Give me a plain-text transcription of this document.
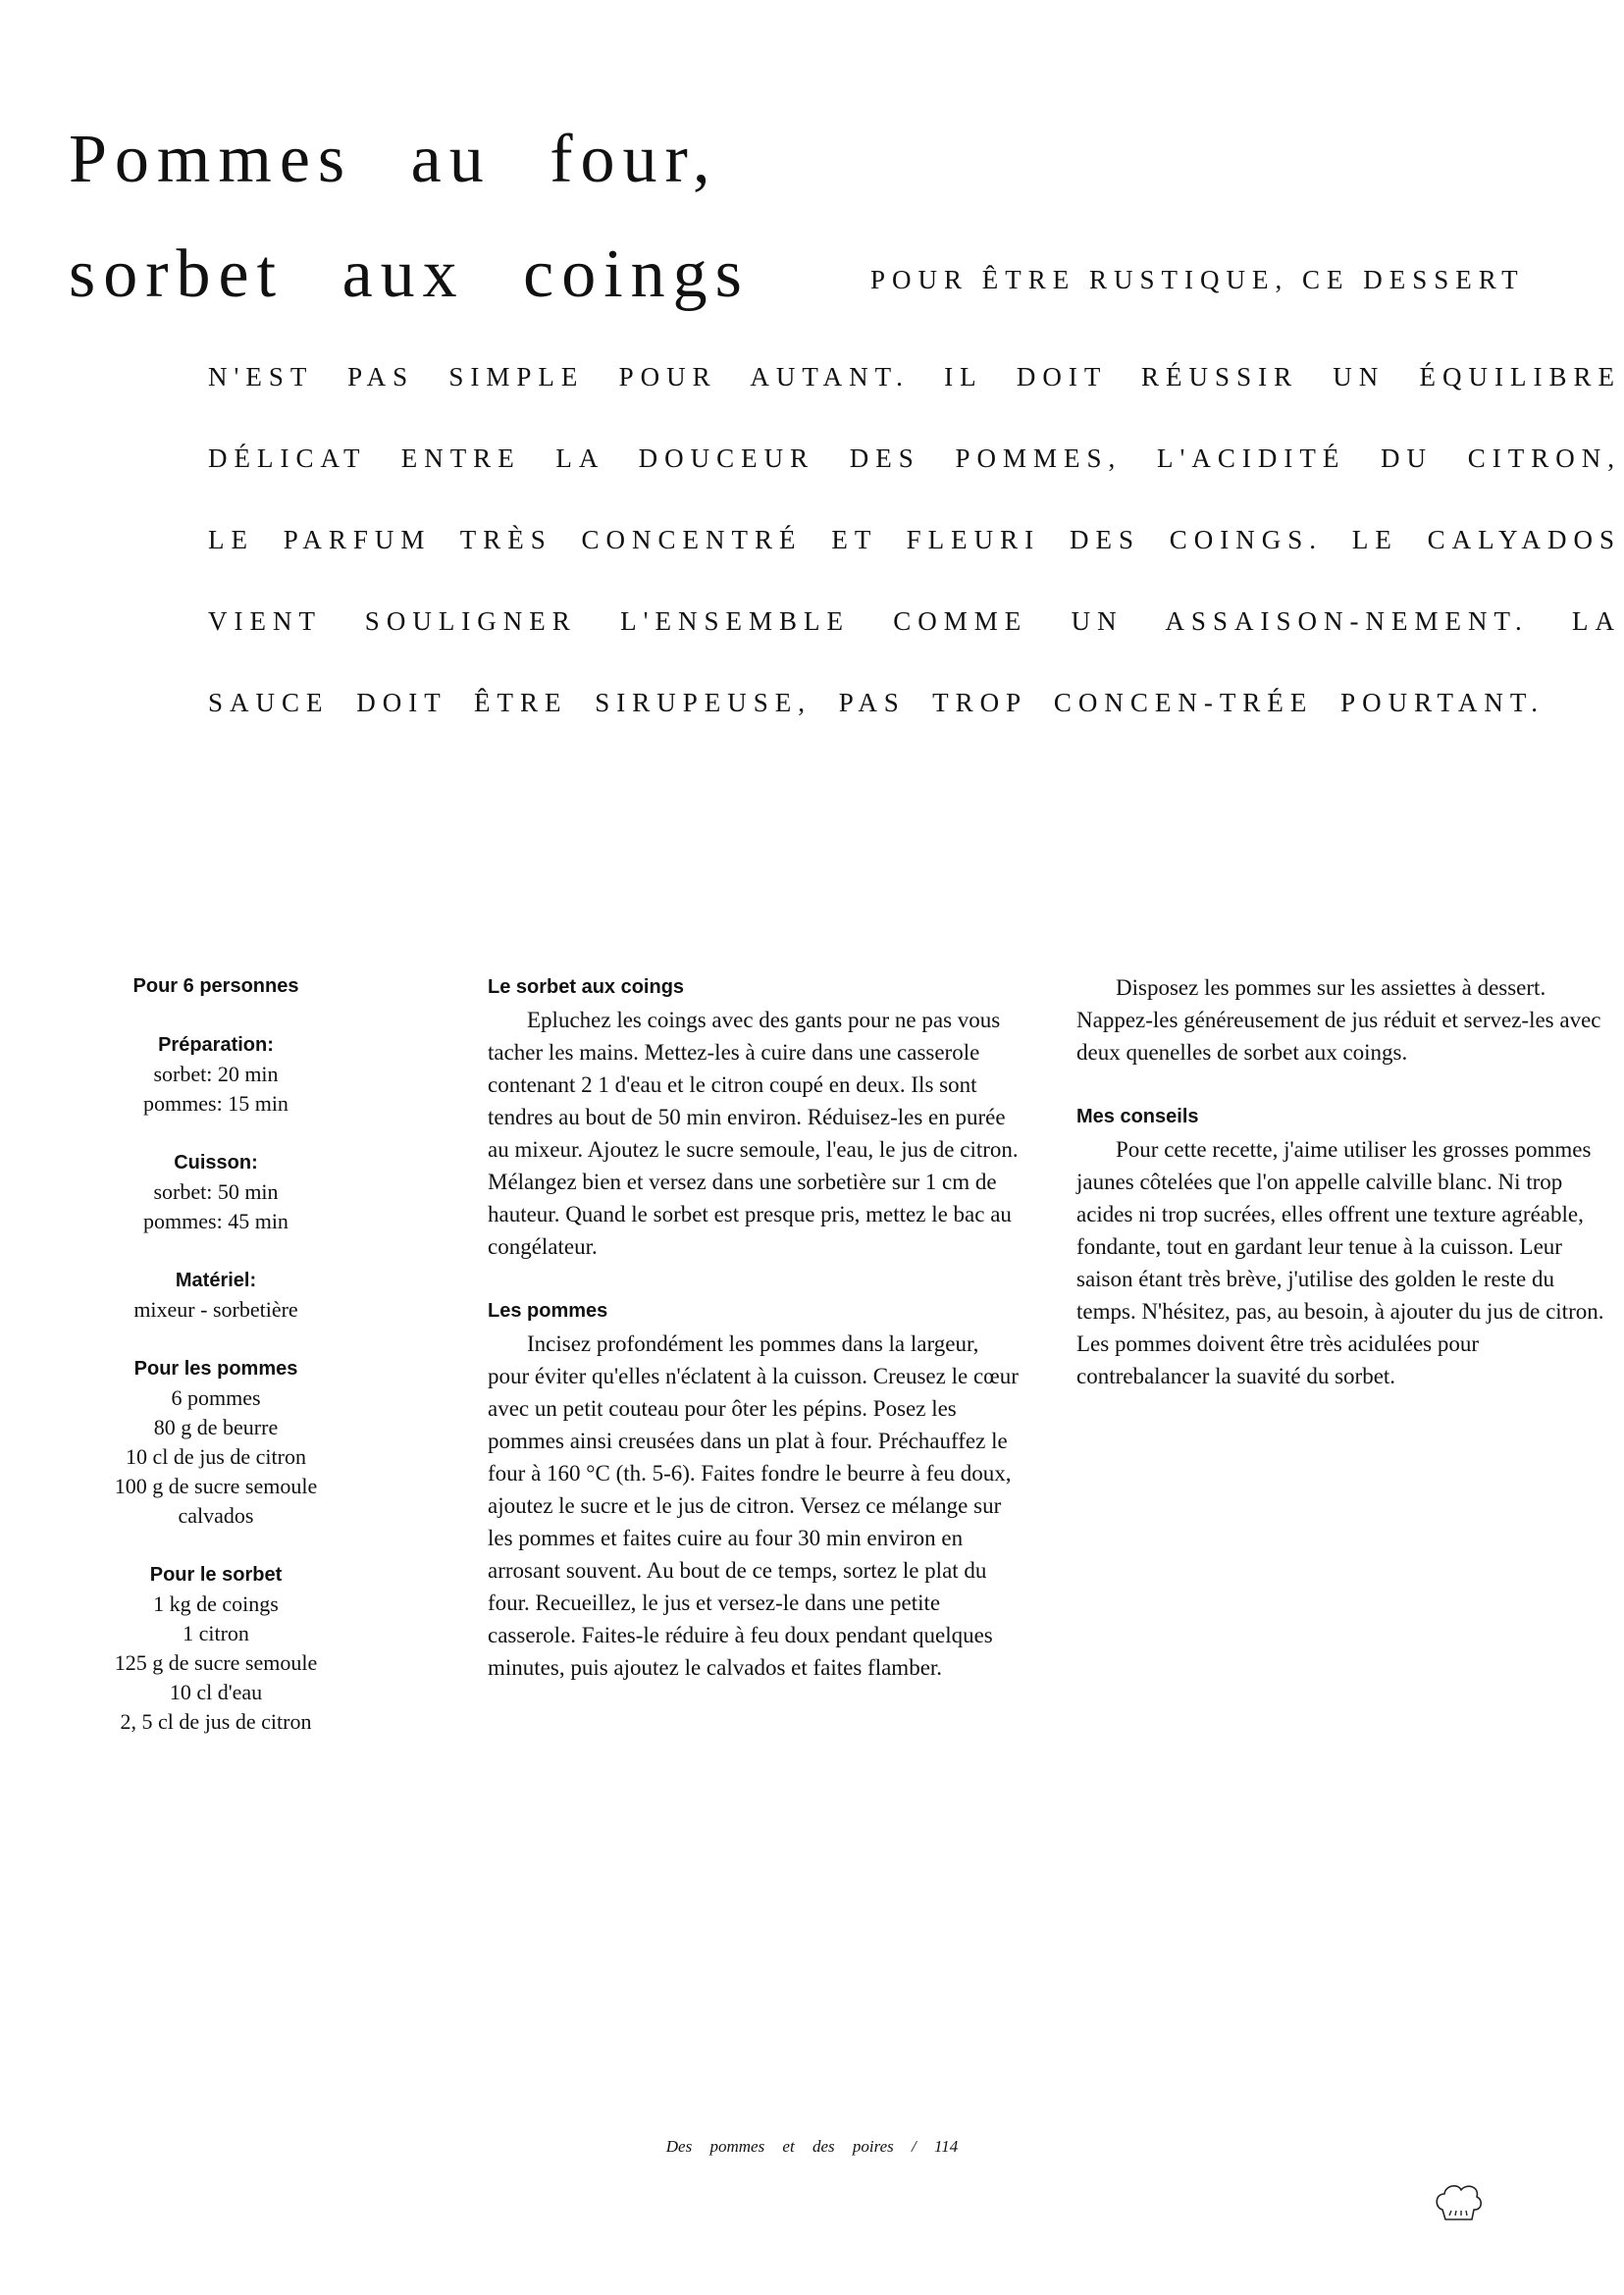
Pommes au four,
sorbet aux coings	POUR ÊTRE RUSTIQUE, CE DESSERT
N'EST PAS SIMPLE POUR AUTANT. IL DOIT RÉUSSIR UN ÉQUILIBRE DÉLICAT ENTRE LA DOUCEUR DES POMMES, L'ACIDITÉ DU CITRON, LE PARFUM TRÈS CONCENTRÉ ET FLEURI DES COINGS. LE CALYADOS VIENT SOULIGNER L'ENSEMBLE COMME UN ASSAISON-NEMENT. LA SAUCE DOIT ÊTRE SIRUPEUSE, PAS TROP CONCEN-TRÉE POURTANT.
Pour 6 personnes
Préparation:
sorbet: 20 min
pommes: 15 min
Cuisson:
sorbet: 50 min
pommes: 45 min
Matériel:
mixeur - sorbetière
Pour les pommes
6 pommes
80 g de beurre
10 cl de jus de citron
100 g de sucre semoule
calvados
Pour le sorbet
1 kg de coings
1 citron
125 g de sucre semoule
10 cl d'eau
2, 5 cl de jus de citron

Le sorbet aux coings

Epluchez les coings avec des gants pour ne pas vous tacher les mains. Mettez-les à cuire dans une casserole contenant 2 1 d'eau et le citron coupé en deux. Ils sont tendres au bout de 50 min environ. Réduisez-les en purée au mixeur. Ajoutez le sucre semoule, l'eau, le jus de citron. Mélangez bien et versez dans une sorbetière sur 1 cm de hauteur. Quand le sorbet est presque pris, mettez le bac au congélateur.

Les pommes

Incisez profondément les pommes dans la largeur, pour éviter qu'elles n'éclatent à la cuisson. Creusez le cœur avec un petit couteau pour ôter les pépins. Posez les pommes ainsi creusées dans un plat à four. Préchauffez le four à 160 °C (th. 5-6). Faites fondre le beurre à feu doux, ajoutez le sucre et le jus de citron. Versez ce mélange sur les pommes et faites cuire au four 30 min environ en arrosant souvent. Au bout de ce temps, sortez le plat du four. Recueillez, le jus et versez-le dans une petite casserole. Faites-le réduire à feu doux pendant quelques minutes, puis ajoutez le calvados et faites flamber.

Disposez les pommes sur les assiettes à dessert. Nappez-les généreusement de jus réduit et servez-les avec deux quenelles de sorbet aux coings.

Mes conseils

Pour cette recette, j'aime utiliser les grosses pommes jaunes côtelées que l'on appelle calville blanc. Ni trop acides ni trop sucrées, elles offrent une texture agréable, fondante, tout en gardant leur tenue à la cuisson. Leur saison étant très brève, j'utilise des golden le reste du temps. N'hésitez, pas, au besoin, à ajouter du jus de citron. Les pommes doivent être très acidulées pour contrebalancer la suavité du sorbet.

Des pommes et des poires / 114
